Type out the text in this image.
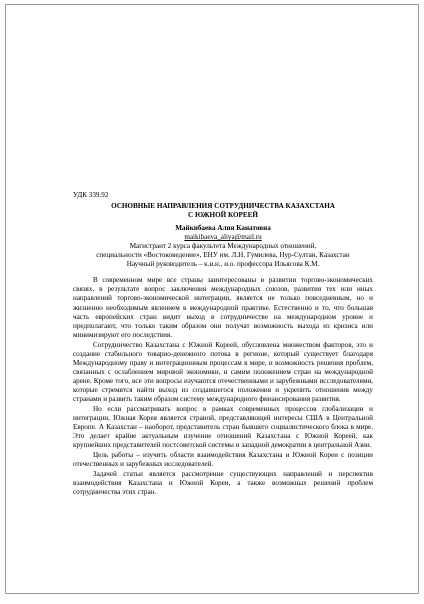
УДК 339.92

ОСНОВНЫЕ НАПРАВЛЕНИЯ СОТРУДНИЧЕСТВА КАЗАХСТАНА

С ЮЖНОЙ КОРЕЕЙ

Майкибаева Алия Канатовна

maikibaeva_aliya@mail.ru

Магистрант 2 курса факультета Международных отношений,

специальности «Востоковедение», ЕНУ им. Л.Н. Гумилева, Нур-Султан, Казахстан

Научный руководитель – к.и.н., и.о. профессора Ильясова К.М.

В современном мире все страны заинтересованы в развитии торгово-экономических связях, в результате вопрос заключения международных союзов, развития тех или иных направлений торгово-экономической интеграции, является не только повседневным, но и жизненно необходимым явлением в международной практике. Естественно и то, что большая часть европейских стран видит выход в сотрудничестве на международном уровне и предполагают, что только таким образом они получат возможность выхода из кризиса или минимизируют его последствия.

Сотрудничество Казахстана с Южной Кореей, обусловлена множеством факторов, это и создание стабильного товарно-денежного потока в регионе, который существует благодаря Международному праву и интеграционным процессам в мире, и возможность решения проблем, связанных с ослаблением мировой экономики, и самим положением стран на международной арене. Кроме того, все эти вопросы изучаются отечественными и зарубежными исследователями, которые стремятся найти выход из создавшегося положения и укрепить отношения между странами и развить таким образом систему международного финансирования развития.

Но если рассматривать вопрос в рамках современных процессов глобализации и интеграции, Южная Корея является страной, представляющей интересы США в Центральной Европе. А Казахстан – наоборот, представитель стран бывшего социалистического блока в мире. Это делает крайне актуальным изучение отношений Казахстана с Южной Кореей, как крупнейших представителей постсоветской системы и западной демократии в центральной Азии.

Цель работы – изучить области взаимодействия Казахстана и Южной Кореи с позиции отечественных и зарубежных исследователей.

Задачей статьи является рассмотрение существующих направлений и перспектив взаимодействия Казахстана и Южной Кореи, а также возможных решений проблем сотрудничества этих стран.
